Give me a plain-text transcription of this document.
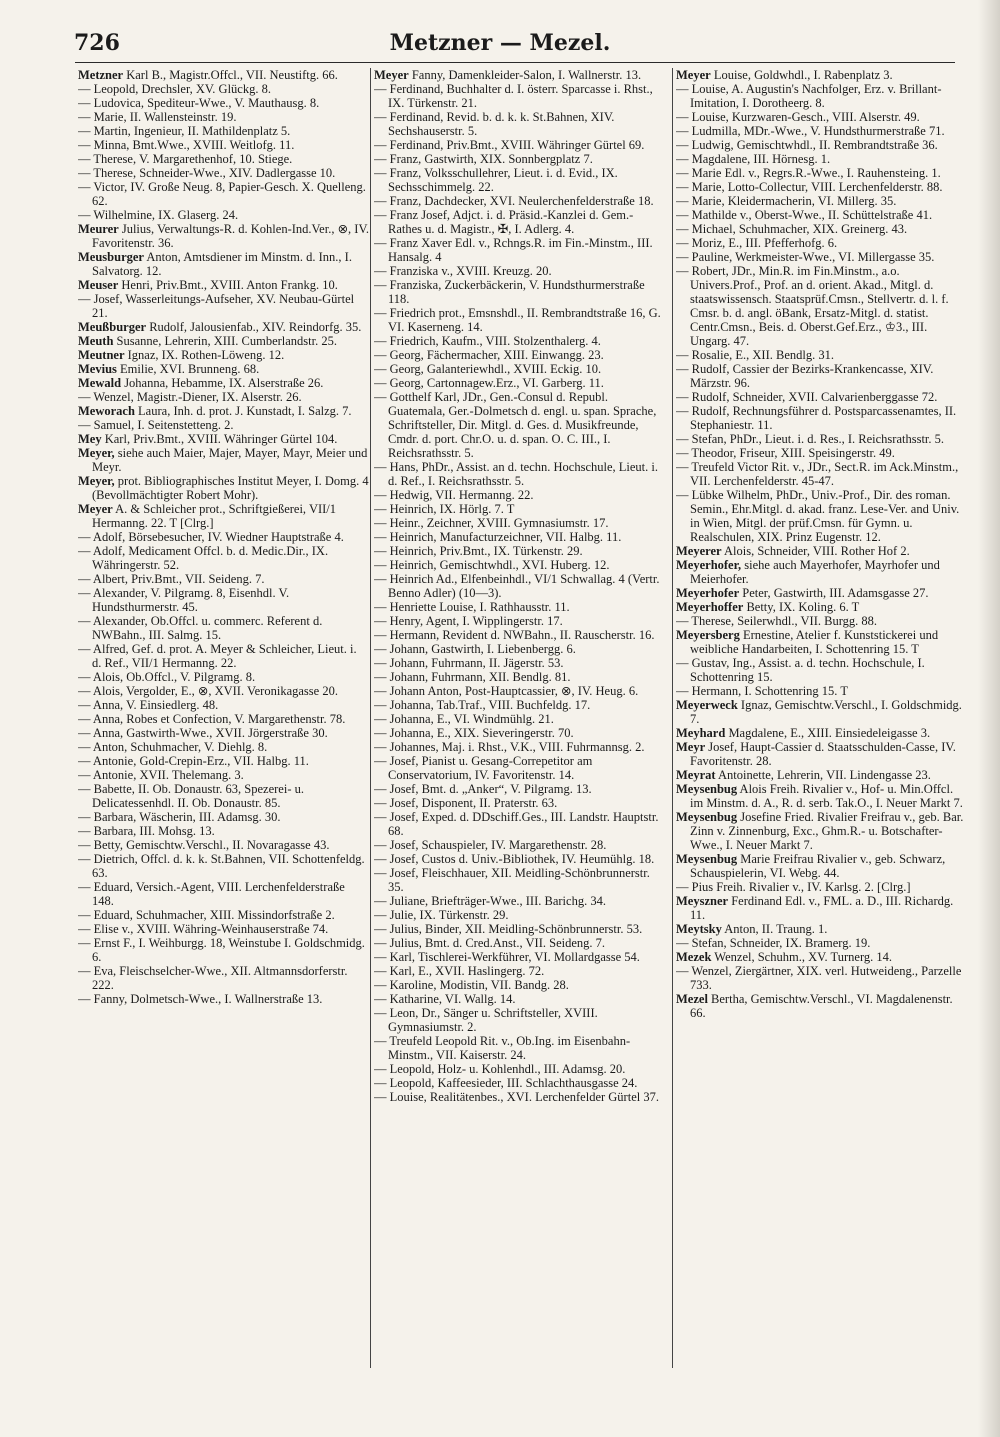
726	Metzner — Mezel.

Metzner Karl B., Magistr.Offcl., VII. Neustiftg. 66.

— Leopold, Drechsler, XV. Glückg. 8.

— Ludovica, Spediteur-Wwe., V. Mauthausg. 8.

— Marie, II. Wallensteinstr. 19.

— Martin, Ingenieur, II. Mathildenplatz 5.

— Minna, Bmt.Wwe., XVIII. Weitlofg. 11.

— Therese, V. Margarethenhof, 10. Stiege.

— Therese, Schneider-Wwe., XIV. Dadlergasse 10.

— Victor, IV. Große Neug. 8, Papier-Gesch. X. Quelleng. 62.

— Wilhelmine, IX. Glaserg. 24.

Meurer Julius, Verwaltungs-R. d. Kohlen-Ind.Ver., ⊗, IV. Favoritenstr. 36.

Meusburger Anton, Amtsdiener im Minstm. d. Inn., I. Salvatorg. 12.

Meuser Henri, Priv.Bmt., XVIII. Anton Frankg. 10.

— Josef, Wasserleitungs-Aufseher, XV. Neubau-Gürtel 21.

Meußburger Rudolf, Jalousienfab., XIV. Reindorfg. 35.

Meuth Susanne, Lehrerin, XIII. Cumberlandstr. 25.

Meutner Ignaz, IX. Rothen-Löweng. 12.

Mevius Emilie, XVI. Brunneng. 68.

Mewald Johanna, Hebamme, IX. Alserstraße 26.

— Wenzel, Magistr.-Diener, IX. Alserstr. 26.

Meworach Laura, Inh. d. prot. J. Kunstadt, I. Salzg. 7.

— Samuel, I. Seitenstetteng. 2.

Mey Karl, Priv.Bmt., XVIII. Währinger Gürtel 104.

Meyer, siehe auch Maier, Majer, Mayer, Mayr, Meier und Meyr.

Meyer, prot. Bibliographisches Institut Meyer, I. Domg. 4 (Bevollmächtigter Robert Mohr).

Meyer A. & Schleicher prot., Schriftgießerei, VII/1 Hermanng. 22. T [Clrg.]

— Adolf, Börsebesucher, IV. Wiedner Hauptstraße 4.

— Adolf, Medicament Offcl. b. d. Medic.Dir., IX. Währingerstr. 52.

— Albert, Priv.Bmt., VII. Seideng. 7.

— Alexander, V. Pilgramg. 8, Eisenhdl. V. Hundsthurmerstr. 45.

— Alexander, Ob.Offcl. u. commerc. Referent d. NWBahn., III. Salmg. 15.

— Alfred, Gef. d. prot. A. Meyer & Schleicher, Lieut. i. d. Ref., VII/1 Hermanng. 22.

— Alois, Ob.Offcl., V. Pilgramg. 8.

— Alois, Vergolder, E., ⊗, XVII. Veronikagasse 20.

— Anna, V. Einsiedlerg. 48.

— Anna, Robes et Confection, V. Margarethenstr. 78.

— Anna, Gastwirth-Wwe., XVII. Jörgerstraße 30.

— Anton, Schuhmacher, V. Diehlg. 8.

— Antonie, Gold-Crepin-Erz., VII. Halbg. 11.

— Antonie, XVII. Thelemang. 3.

— Babette, II. Ob. Donaustr. 63, Spezerei- u. Delicatessenhdl. II. Ob. Donaustr. 85.

— Barbara, Wäscherin, III. Adamsg. 30.

— Barbara, III. Mohsg. 13.

— Betty, Gemischtw.Verschl., II. Novaragasse 43.

— Dietrich, Offcl. d. k. k. St.Bahnen, VII. Schottenfeldg. 63.

— Eduard, Versich.-Agent, VIII. Lerchenfelderstraße 148.

— Eduard, Schuhmacher, XIII. Missindorfstraße 2.

— Elise v., XVIII. Währing-Weinhauserstraße 74.

— Ernst F., I. Weihburgg. 18, Weinstube I. Goldschmidg. 6.

— Eva, Fleischselcher-Wwe., XII. Altmannsdorferstr. 222.

— Fanny, Dolmetsch-Wwe., I. Wallnerstraße 13.

Meyer Fanny, Damenkleider-Salon, I. Wallnerstr. 13.

— Ferdinand, Buchhalter d. I. österr. Sparcasse i. Rhst., IX. Türkenstr. 21.

— Ferdinand, Revid. b. d. k. k. St.Bahnen, XIV. Sechshauserstr. 5.

— Ferdinand, Priv.Bmt., XVIII. Währinger Gürtel 69.

— Franz, Gastwirth, XIX. Sonnbergplatz 7.

— Franz, Volksschullehrer, Lieut. i. d. Evid., IX. Sechsschimmelg. 22.

— Franz, Dachdecker, XVI. Neulerchenfelderstraße 18.

— Franz Josef, Adjct. i. d. Präsid.-Kanzlei d. Gem.-Rathes u. d. Magistr., ✠, I. Adlerg. 4.

— Franz Xaver Edl. v., Rchngs.R. im Fin.-Minstm., III. Hansalg. 4

— Franziska v., XVIII. Kreuzg. 20.

— Franziska, Zuckerbäckerin, V. Hundsthurmerstraße 118.

— Friedrich prot., Emsnshdl., II. Rembrandtstraße 16, G. VI. Kaserneng. 14.

— Friedrich, Kaufm., VIII. Stolzenthalerg. 4.

— Georg, Fächermacher, XIII. Einwangg. 23.

— Georg, Galanteriewhdl., XVIII. Eckig. 10.

— Georg, Cartonnagew.Erz., VI. Garberg. 11.

— Gotthelf Karl, JDr., Gen.-Consul d. Republ. Guatemala, Ger.-Dolmetsch d. engl. u. span. Sprache, Schriftsteller, Dir. Mitgl. d. Ges. d. Musikfreunde, Cmdr. d. port. Chr.O. u. d. span. O. C. III., I. Reichsrathsstr. 5.

— Hans, PhDr., Assist. an d. techn. Hochschule, Lieut. i. d. Ref., I. Reichsrathsstr. 5.

— Hedwig, VII. Hermanng. 22.

— Heinrich, IX. Hörlg. 7. T

— Heinr., Zeichner, XVIII. Gymnasiumstr. 17.

— Heinrich, Manufacturzeichner, VII. Halbg. 11.

— Heinrich, Priv.Bmt., IX. Türkenstr. 29.

— Heinrich, Gemischtwhdl., XVI. Huberg. 12.

— Heinrich Ad., Elfenbeinhdl., VI/1 Schwallag. 4 (Vertr. Benno Adler) (10—3).

— Henriette Louise, I. Rathhausstr. 11.

— Henry, Agent, I. Wipplingerstr. 17.

— Hermann, Revident d. NWBahn., II. Rauscherstr. 16.

— Johann, Gastwirth, I. Liebenbergg. 6.

— Johann, Fuhrmann, II. Jägerstr. 53.

— Johann, Fuhrmann, XII. Bendlg. 81.

— Johann Anton, Post-Hauptcassier, ⊗, IV. Heug. 6.

— Johanna, Tab.Traf., VIII. Buchfeldg. 17.

— Johanna, E., VI. Windmühlg. 21.

— Johanna, E., XIX. Sieveringerstr. 70.

— Johannes, Maj. i. Rhst., V.K., VIII. Fuhrmannsg. 2.

— Josef, Pianist u. Gesang-Correpetitor am Conservatorium, IV. Favoritenstr. 14.

— Josef, Bmt. d. „Anker“, V. Pilgramg. 13.

— Josef, Disponent, II. Praterstr. 63.

— Josef, Exped. d. DDschiff.Ges., III. Landstr. Hauptstr. 68.

— Josef, Schauspieler, IV. Margarethenstr. 28.

— Josef, Custos d. Univ.-Bibliothek, IV. Heumühlg. 18.

— Josef, Fleischhauer, XII. Meidling-Schönbrunnerstr. 35.

— Juliane, Briefträger-Wwe., III. Barichg. 34.

— Julie, IX. Türkenstr. 29.

— Julius, Binder, XII. Meidling-Schönbrunnerstr. 53.

— Julius, Bmt. d. Cred.Anst., VII. Seideng. 7.

— Karl, Tischlerei-Werkführer, VI. Mollardgasse 54.

— Karl, E., XVII. Haslingerg. 72.

— Karoline, Modistin, VII. Bandg. 28.

— Katharine, VI. Wallg. 14.

— Leon, Dr., Sänger u. Schriftsteller, XVIII. Gymnasiumstr. 2.

— Treufeld Leopold Rit. v., Ob.Ing. im Eisenbahn-Minstm., VII. Kaiserstr. 24.

— Leopold, Holz- u. Kohlenhdl., III. Adamsg. 20.

— Leopold, Kaffeesieder, III. Schlachthausgasse 24.

— Louise, Realitätenbes., XVI. Lerchenfelder Gürtel 37.

Meyer Louise, Goldwhdl., I. Rabenplatz 3.

— Louise, A. Augustin's Nachfolger, Erz. v. Brillant-Imitation, I. Dorotheerg. 8.

— Louise, Kurzwaren-Gesch., VIII. Alserstr. 49.

— Ludmilla, MDr.-Wwe., V. Hundsthurmerstraße 71.

— Ludwig, Gemischtwhdl., II. Rembrandtstraße 36.

— Magdalene, III. Hörnesg. 1.

— Marie Edl. v., Regrs.R.-Wwe., I. Rauhensteing. 1.

— Marie, Lotto-Collectur, VIII. Lerchenfelderstr. 88.

— Marie, Kleidermacherin, VI. Millerg. 35.

— Mathilde v., Oberst-Wwe., II. Schüttelstraße 41.

— Michael, Schuhmacher, XIX. Greinerg. 43.

— Moriz, E., III. Pfefferhofg. 6.

— Pauline, Werkmeister-Wwe., VI. Millergasse 35.

— Robert, JDr., Min.R. im Fin.Minstm., a.o. Univers.Prof., Prof. an d. orient. Akad., Mitgl. d. staatswissensch. Staatsprüf.Cmsn., Stellvertr. d. l. f. Cmsr. b. d. angl. öBank, Ersatz-Mitgl. d. statist. Centr.Cmsn., Beis. d. Oberst.Gef.Erz., ♔3., III. Ungarg. 47.

— Rosalie, E., XII. Bendlg. 31.

— Rudolf, Cassier der Bezirks-Krankencasse, XIV. Märzstr. 96.

— Rudolf, Schneider, XVII. Calvarienberggasse 72.

— Rudolf, Rechnungsführer d. Postsparcassenamtes, II. Stephaniestr. 11.

— Stefan, PhDr., Lieut. i. d. Res., I. Reichsrathsstr. 5.

— Theodor, Friseur, XIII. Speisingerstr. 49.

— Treufeld Victor Rit. v., JDr., Sect.R. im Ack.Minstm., VII. Lerchenfelderstr. 45-47.

— Lübke Wilhelm, PhDr., Univ.-Prof., Dir. des roman. Semin., Ehr.Mitgl. d. akad. franz. Lese-Ver. and Univ. in Wien, Mitgl. der prüf.Cmsn. für Gymn. u. Realschulen, XIX. Prinz Eugenstr. 12.

Meyerer Alois, Schneider, VIII. Rother Hof 2.

Meyerhofer, siehe auch Mayerhofer, Mayrhofer und Meierhofer.

Meyerhofer Peter, Gastwirth, III. Adamsgasse 27.

Meyerhoffer Betty, IX. Koling. 6. T

— Therese, Seilerwhdl., VII. Burgg. 88.

Meyersberg Ernestine, Atelier f. Kunststickerei und weibliche Handarbeiten, I. Schottenring 15. T

— Gustav, Ing., Assist. a. d. techn. Hochschule, I. Schottenring 15.

— Hermann, I. Schottenring 15. T

Meyerweck Ignaz, Gemischtw.Verschl., I. Goldschmidg. 7.

Meyhard Magdalene, E., XIII. Einsiedeleigasse 3.

Meyr Josef, Haupt-Cassier d. Staatsschulden-Casse, IV. Favoritenstr. 28.

Meyrat Antoinette, Lehrerin, VII. Lindengasse 23.

Meysenbug Alois Freih. Rivalier v., Hof- u. Min.Offcl. im Minstm. d. A., R. d. serb. Tak.O., I. Neuer Markt 7.

Meysenbug Josefine Fried. Rivalier Freifrau v., geb. Bar. Zinn v. Zinnenburg, Exc., Ghm.R.- u. Botschafter-Wwe., I. Neuer Markt 7.

Meysenbug Marie Freifrau Rivalier v., geb. Schwarz, Schauspielerin, VI. Webg. 44.

— Pius Freih. Rivalier v., IV. Karlsg. 2. [Clrg.]

Meyszner Ferdinand Edl. v., FML. a. D., III. Richardg. 11.

Meytsky Anton, II. Traung. 1.

— Stefan, Schneider, IX. Bramerg. 19.

Mezek Wenzel, Schuhm., XV. Turnerg. 14.

— Wenzel, Ziergärtner, XIX. verl. Hutweideng., Parzelle 733.

Mezel Bertha, Gemischtw.Verschl., VI. Magdalenenstr. 66.
